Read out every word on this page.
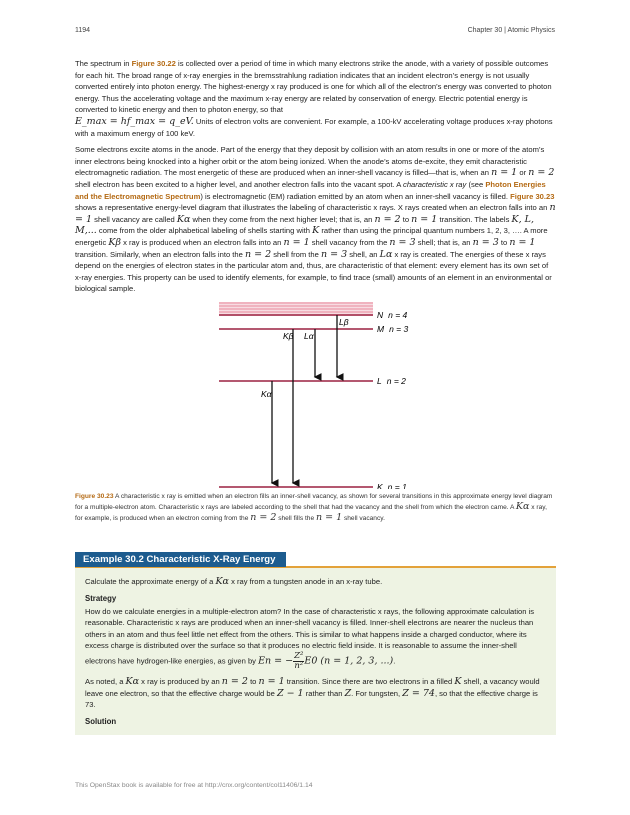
1194	Chapter 30 | Atomic Physics

The spectrum in Figure 30.22 is collected over a period of time in which many electrons strike the anode, with a variety of possible outcomes for each hit. The broad range of x-ray energies in the bremsstrahlung radiation indicates that an incident electron’s energy is not usually converted entirely into photon energy. The highest-energy x ray produced is one for which all of the electron’s energy was converted to photon energy. Thus the accelerating voltage and the maximum x-ray energy are related by conservation of energy. Electric potential energy is converted to kinetic energy and then to photon energy, so that
E_max = hf_max = q_eV. Units of electron volts are convenient. For example, a 100-kV accelerating voltage produces x-ray photons with a maximum energy of 100 keV.

Some electrons excite atoms in the anode. Part of the energy that they deposit by collision with an atom results in one or more of the atom’s inner electrons being knocked into a higher orbit or the atom being ionized. When the anode’s atoms de-excite, they emit characteristic electromagnetic radiation. The most energetic of these are produced when an inner-shell vacancy is filled—that is, when an n = 1 or n = 2 shell electron has been excited to a higher level, and another electron falls into the vacant spot. A characteristic x ray (see Photon Energies and the Electromagnetic Spectrum) is electromagnetic (EM) radiation emitted by an atom when an inner-shell vacancy is filled. Figure 30.23 shows a representative energy-level diagram that illustrates the labeling of characteristic x rays. X rays created when an electron falls into an n = 1 shell vacancy are called Kα when they come from the next higher level; that is, an n = 2 to n = 1 transition. The labels K, L, M,... come from the older alphabetical labeling of shells starting with K rather than using the principal quantum numbers 1, 2, 3, …. A more energetic Kβ x ray is produced when an electron falls into an n = 1 shell vacancy from the n = 3 shell; that is, an n = 3 to n = 1 transition. Similarly, when an electron falls into the n = 2 shell from the n = 3 shell, an Lα x ray is created. The energies of these x rays depend on the energies of electron states in the particular atom and, thus, are characteristic of that element: every element has its own set of x-ray energies. This property can be used to identify elements, for example, to find trace (small) amounts of an element in an environmental or biological sample.

N n = 4
M n = 3
L n = 2
K n = 1
Kβ Lα
Lβ
Kα
Figure 30.23 A characteristic x ray is emitted when an electron fills an inner-shell vacancy, as shown for several transitions in this approximate energy level diagram for a multiple-electron atom. Characteristic x rays are labeled according to the shell that had the vacancy and the shell from which the electron came. A Kα x ray, for example, is produced when an electron coming from the n = 2 shell fills the n = 1 shell vacancy.
Example 30.2 Characteristic X-Ray Energy

Calculate the approximate energy of a Kα x ray from a tungsten anode in an x-ray tube.

Strategy

How do we calculate energies in a multiple-electron atom? In the case of characteristic x rays, the following approximate calculation is reasonable. Characteristic x rays are produced when an inner-shell vacancy is filled. Inner-shell electrons are nearer the nucleus than others in an atom and thus feel little net effect from the others. This is similar to what happens inside a charged conductor, where its excess charge is distributed over the surface so that it produces no electric field inside. It is reasonable to assume the inner-shell electrons have hydrogen-like energies, as given by En = − $\frac{\text{Z²}}{\text{n²}} E0$ (n = 1, 2, 3, ...).

As noted, a Kα x ray is produced by an n = 2 to n = 1 transition. Since there are two electrons in a filled K shell, a vacancy would leave one electron, so that the effective charge would be Z − 1 rather than Z. For tungsten, Z = 74, so that the effective charge is 73.

Solution
This OpenStax book is available for free at http://cnx.org/content/col11406/1.14
